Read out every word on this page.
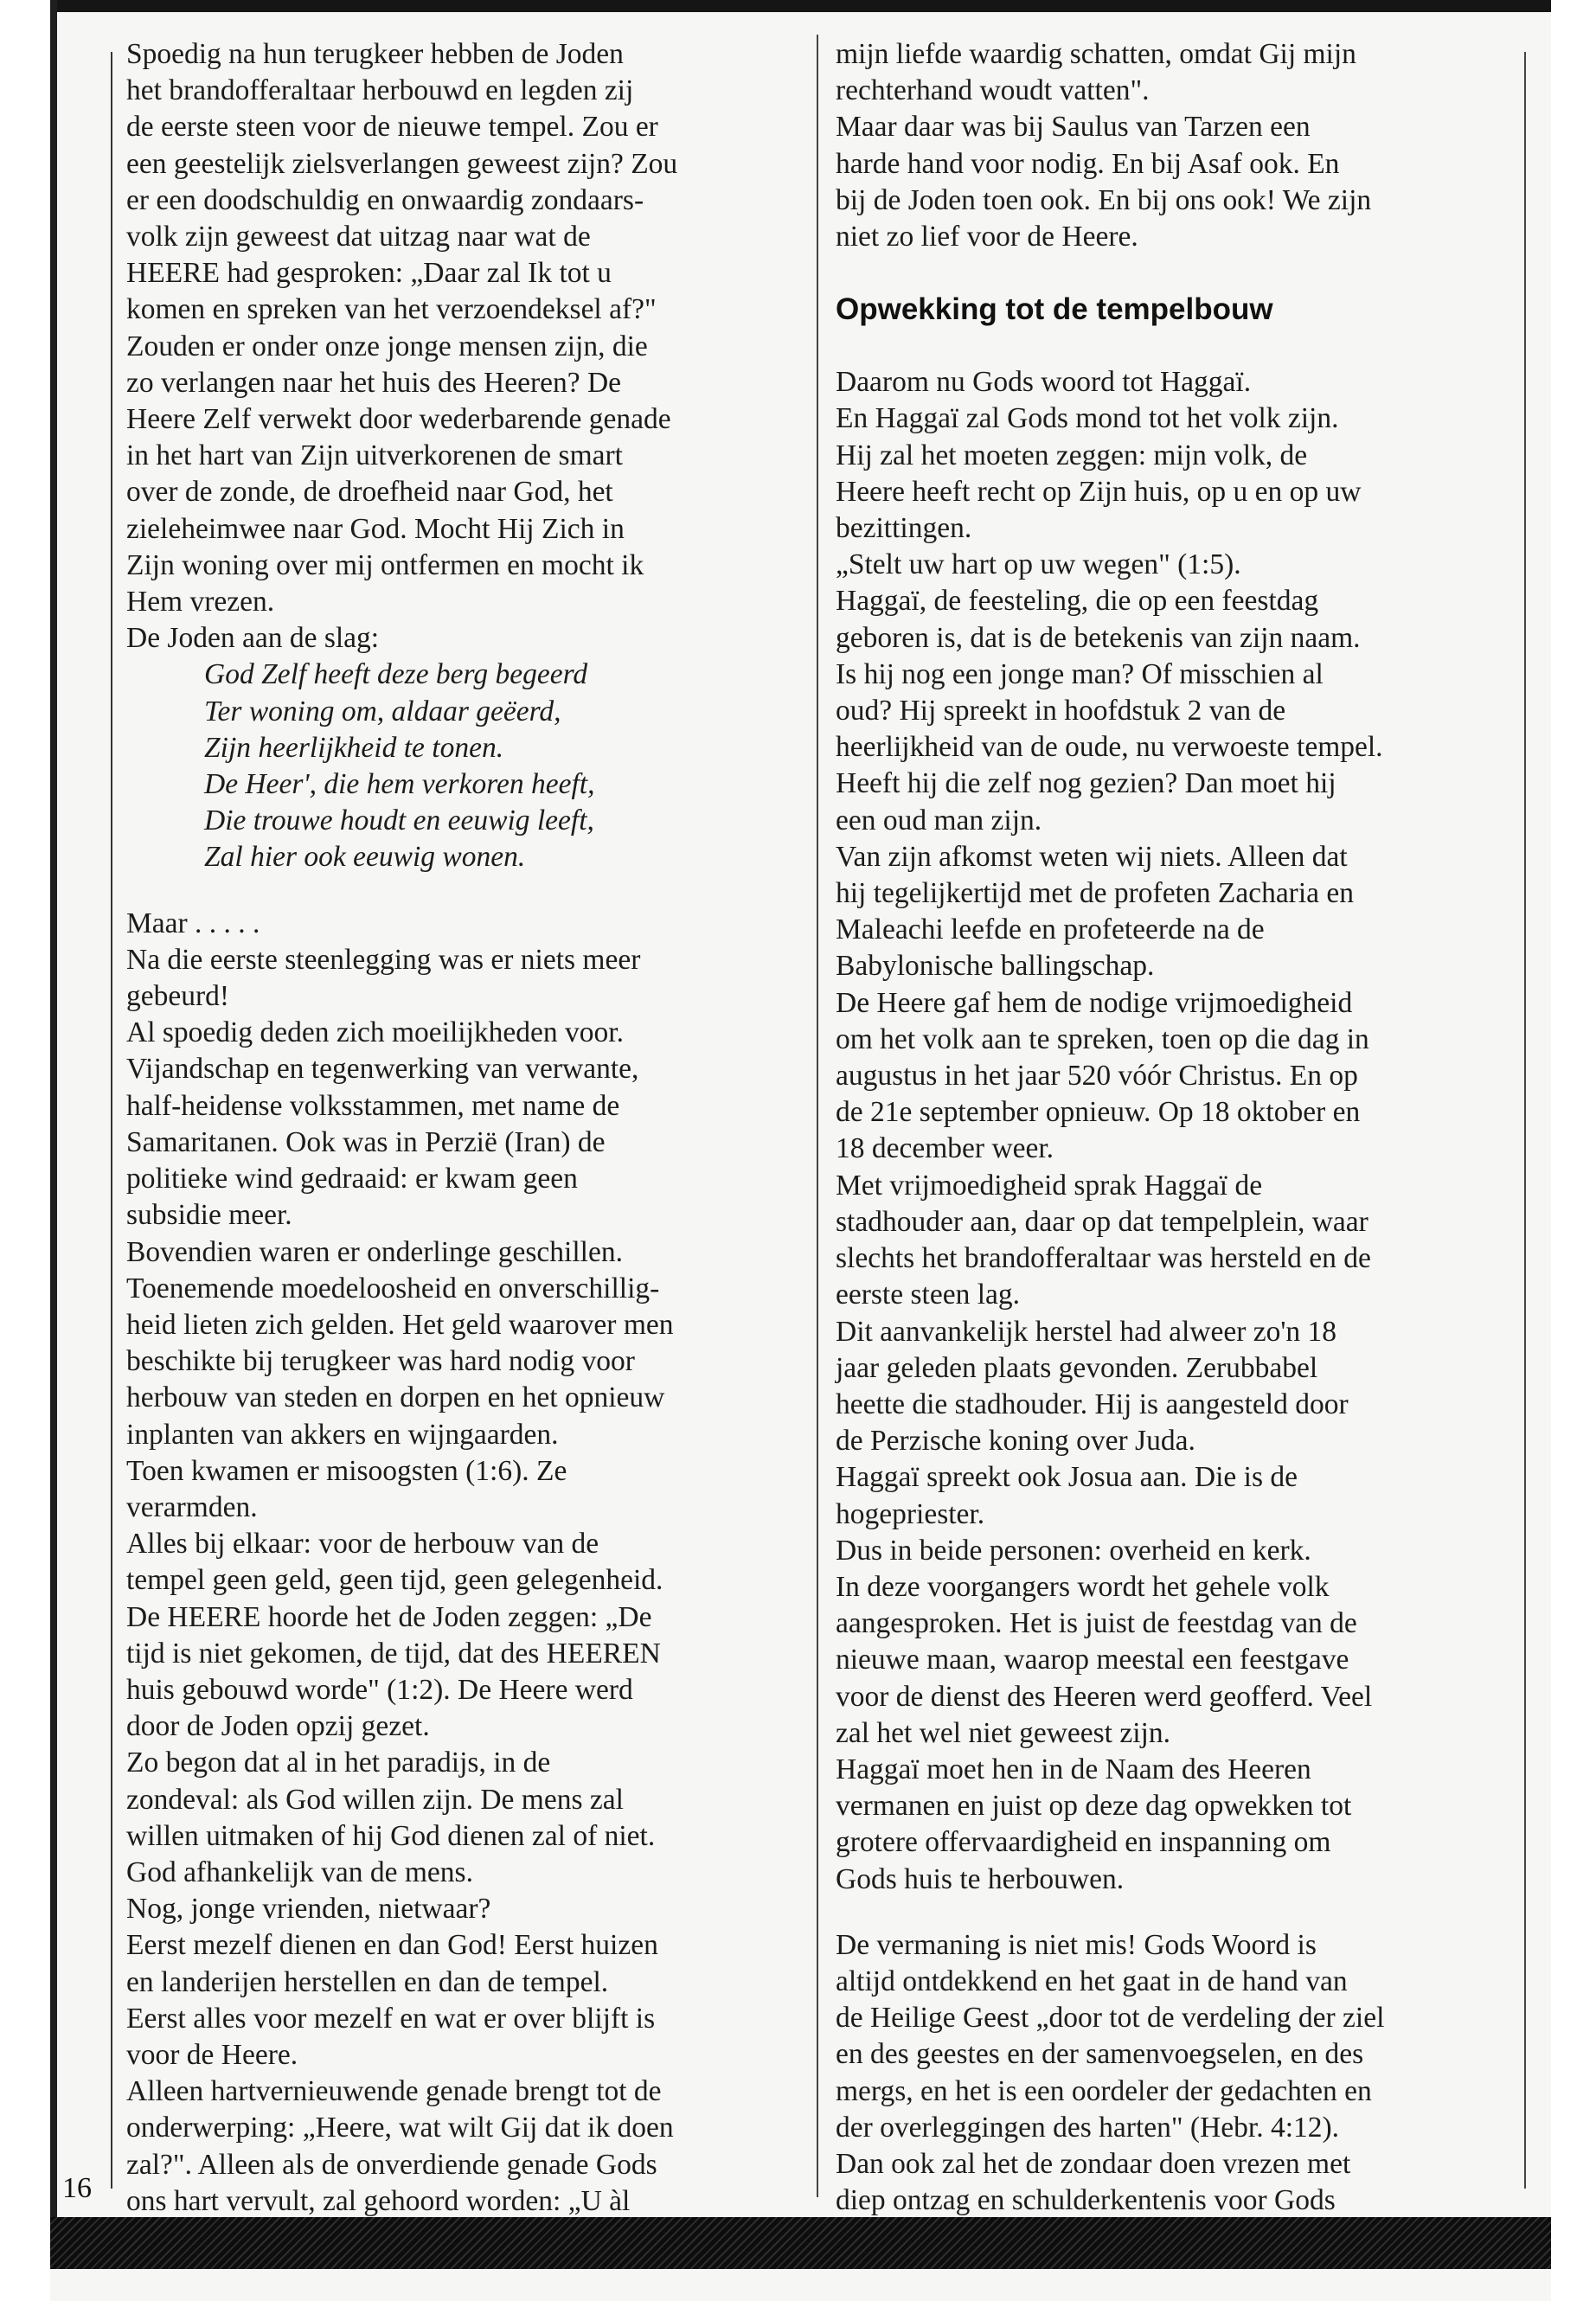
Spoedig na hun terugkeer hebben de Joden

het brandofferaltaar herbouwd en legden zij

de eerste steen voor de nieuwe tempel. Zou er

een geestelijk zielsverlangen geweest zijn? Zou

er een doodschuldig en onwaardig zondaars-

volk zijn geweest dat uitzag naar wat de

HEERE had gesproken: „Daar zal Ik tot u

komen en spreken van het verzoendeksel af?"

Zouden er onder onze jonge mensen zijn, die

zo verlangen naar het huis des Heeren? De

Heere Zelf verwekt door wederbarende genade

in het hart van Zijn uitverkorenen de smart

over de zonde, de droefheid naar God, het

zieleheimwee naar God. Mocht Hij Zich in

Zijn woning over mij ontfermen en mocht ik

Hem vrezen.

De Joden aan de slag:

God Zelf heeft deze berg begeerd

Ter woning om, aldaar geëerd,

Zijn heerlijkheid te tonen.

De Heer', die hem verkoren heeft,

Die trouwe houdt en eeuwig leeft,

Zal hier ook eeuwig wonen.

Maar . . . . .

Na die eerste steenlegging was er niets meer

gebeurd!

Al spoedig deden zich moeilijkheden voor.

Vijandschap en tegenwerking van verwante,

half-heidense volksstammen, met name de

Samaritanen. Ook was in Perzië (Iran) de

politieke wind gedraaid: er kwam geen

subsidie meer.

Bovendien waren er onderlinge geschillen.

Toenemende moedeloosheid en onverschillig-

heid lieten zich gelden. Het geld waarover men

beschikte bij terugkeer was hard nodig voor

herbouw van steden en dorpen en het opnieuw

inplanten van akkers en wijngaarden.

Toen kwamen er misoogsten (1:6). Ze

verarmden.

Alles bij elkaar: voor de herbouw van de

tempel geen geld, geen tijd, geen gelegenheid.

De HEERE hoorde het de Joden zeggen: „De

tijd is niet gekomen, de tijd, dat des HEEREN

huis gebouwd worde" (1:2). De Heere werd

door de Joden opzij gezet.

Zo begon dat al in het paradijs, in de

zondeval: als God willen zijn. De mens zal

willen uitmaken of hij God dienen zal of niet.

God afhankelijk van de mens.

Nog, jonge vrienden, nietwaar?

Eerst mezelf dienen en dan God! Eerst huizen

en landerijen herstellen en dan de tempel.

Eerst alles voor mezelf en wat er over blijft is

voor de Heere.

Alleen hartvernieuwende genade brengt tot de

onderwerping: „Heere, wat wilt Gij dat ik doen

zal?". Alleen als de onverdiende genade Gods

ons hart vervult, zal gehoord worden: „U àl

mijn liefde waardig schatten, omdat Gij mijn

rechterhand woudt vatten".

Maar daar was bij Saulus van Tarzen een

harde hand voor nodig. En bij Asaf ook. En

bij de Joden toen ook. En bij ons ook! We zijn

niet zo lief voor de Heere.

Opwekking tot de tempelbouw

Daarom nu Gods woord tot Haggaï.

En Haggaï zal Gods mond tot het volk zijn.

Hij zal het moeten zeggen: mijn volk, de

Heere heeft recht op Zijn huis, op u en op uw

bezittingen.

„Stelt uw hart op uw wegen" (1:5).

Haggaï, de feesteling, die op een feestdag

geboren is, dat is de betekenis van zijn naam.

Is hij nog een jonge man? Of misschien al

oud? Hij spreekt in hoofdstuk 2 van de

heerlijkheid van de oude, nu verwoeste tempel.

Heeft hij die zelf nog gezien? Dan moet hij

een oud man zijn.

Van zijn afkomst weten wij niets. Alleen dat

hij tegelijkertijd met de profeten Zacharia en

Maleachi leefde en profeteerde na de

Babylonische ballingschap.

De Heere gaf hem de nodige vrijmoedigheid

om het volk aan te spreken, toen op die dag in

augustus in het jaar 520 vóór Christus. En op

de 21e september opnieuw. Op 18 oktober en

18 december weer.

Met vrijmoedigheid sprak Haggaï de

stadhouder aan, daar op dat tempelplein, waar

slechts het brandofferaltaar was hersteld en de

eerste steen lag.

Dit aanvankelijk herstel had alweer zo'n 18

jaar geleden plaats gevonden. Zerubbabel

heette die stadhouder. Hij is aangesteld door

de Perzische koning over Juda.

Haggaï spreekt ook Josua aan. Die is de

hogepriester.

Dus in beide personen: overheid en kerk.

In deze voorgangers wordt het gehele volk

aangesproken. Het is juist de feestdag van de

nieuwe maan, waarop meestal een feestgave

voor de dienst des Heeren werd geofferd. Veel

zal het wel niet geweest zijn.

Haggaï moet hen in de Naam des Heeren

vermanen en juist op deze dag opwekken tot

grotere offervaardigheid en inspanning om

Gods huis te herbouwen.

De vermaning is niet mis! Gods Woord is

altijd ontdekkend en het gaat in de hand van

de Heilige Geest „door tot de verdeling der ziel

en des geestes en der samenvoegselen, en des

mergs, en het is een oordeler der gedachten en

der overleggingen des harten" (Hebr. 4:12).

Dan ook zal het de zondaar doen vrezen met

diep ontzag en schulderkentenis voor Gods

16
